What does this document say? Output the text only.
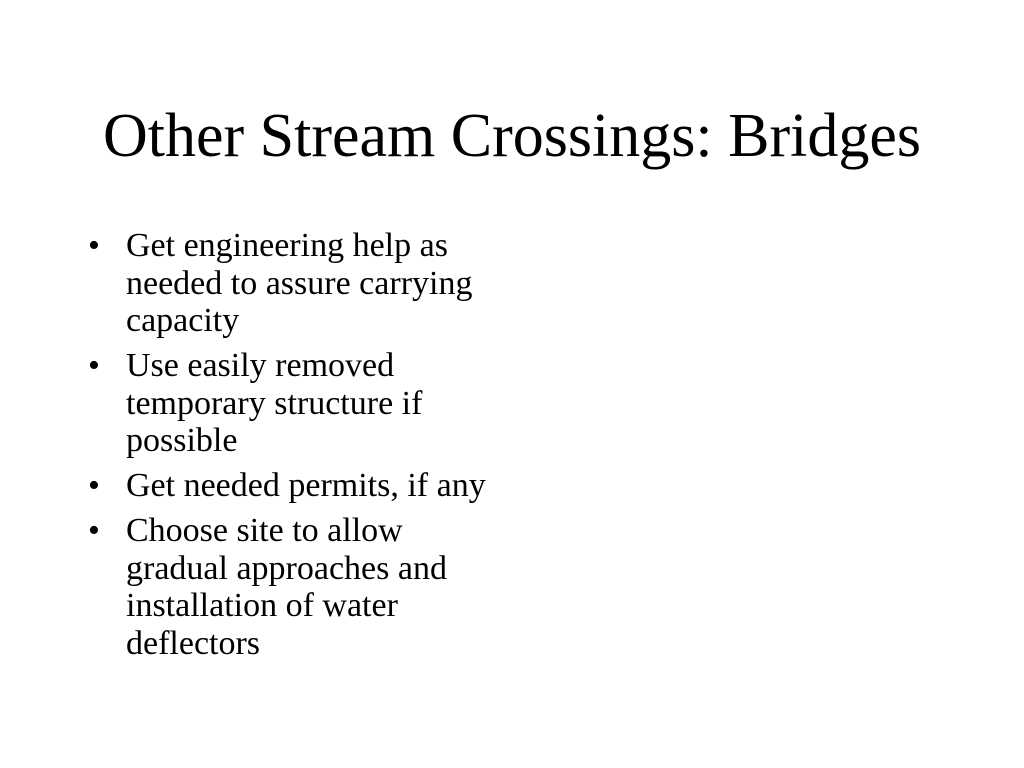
Other Stream Crossings: Bridges
• Get engineering help as needed to assure carrying capacity
• Use easily removed temporary structure if possible
• Get needed permits, if any
• Choose site to allow gradual approaches and installation of water deflectors
